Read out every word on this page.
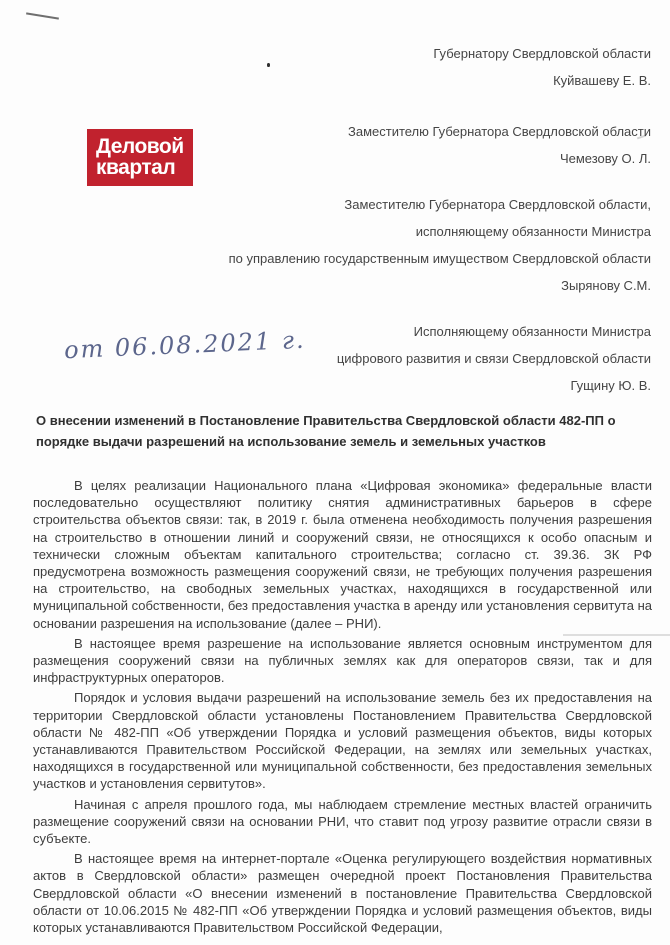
Губернатору Свердловской области
Куйвашеву Е. В.
Заместителю Губернатора Свердловской области
Чемезову О. Л.
Заместителю Губернатора Свердловской области,
исполняющему обязанности Министра
по управлению государственным имуществом Свердловской области
Зырянову С.М.
Исполняющему обязанности Министра
цифрового развития и связи Свердловской области
Гущину Ю. В.
Деловой
квартал
от 06.08.2021 г.
О внесении изменений в Постановление Правительства Свердловской области 482-ПП о порядке выдачи разрешений на использование земель и земельных участков

В целях реализации Национального плана «Цифровая экономика» федеральные власти последовательно осуществляют политику снятия административных барьеров в сфере строительства объектов связи: так, в 2019 г. была отменена необходимость получения разрешения на строительство в отношении линий и сооружений связи, не относящихся к особо опасным и технически сложным объектам капитального строительства; согласно ст. 39.36. ЗК РФ предусмотрена возможность размещения сооружений связи, не требующих получения разрешения на строительство, на свободных земельных участках, находящихся в государственной или муниципальной собственности, без предоставления участка в аренду или установления сервитута на основании разрешения на использование (далее – РНИ).

В настоящее время разрешение на использование является основным инструментом для размещения сооружений связи на публичных землях как для операторов связи, так и для инфраструктурных операторов.

Порядок и условия выдачи разрешений на использование земель без их предоставления на территории Свердловской области установлены Постановлением Правительства Свердловской области № 482-ПП «Об утверждении Порядка и условий размещения объектов, виды которых устанавливаются Правительством Российской Федерации, на землях или земельных участках, находящихся в государственной или муниципальной собственности, без предоставления земельных участков и установления сервитутов».

Начиная с апреля прошлого года, мы наблюдаем стремление местных властей ограничить размещение сооружений связи на основании РНИ, что ставит под угрозу развитие отрасли связи в субъекте.

В настоящее время на интернет-портале «Оценка регулирующего воздействия нормативных актов в Свердловской области» размещен очередной проект Постановления Правительства Свердловской области «О внесении изменений в постановление Правительства Свердловской области от 10.06.2015 № 482-ПП «Об утверждении Порядка и условий размещения объектов, виды которых устанавливаются Правительством Российской Федерации,
